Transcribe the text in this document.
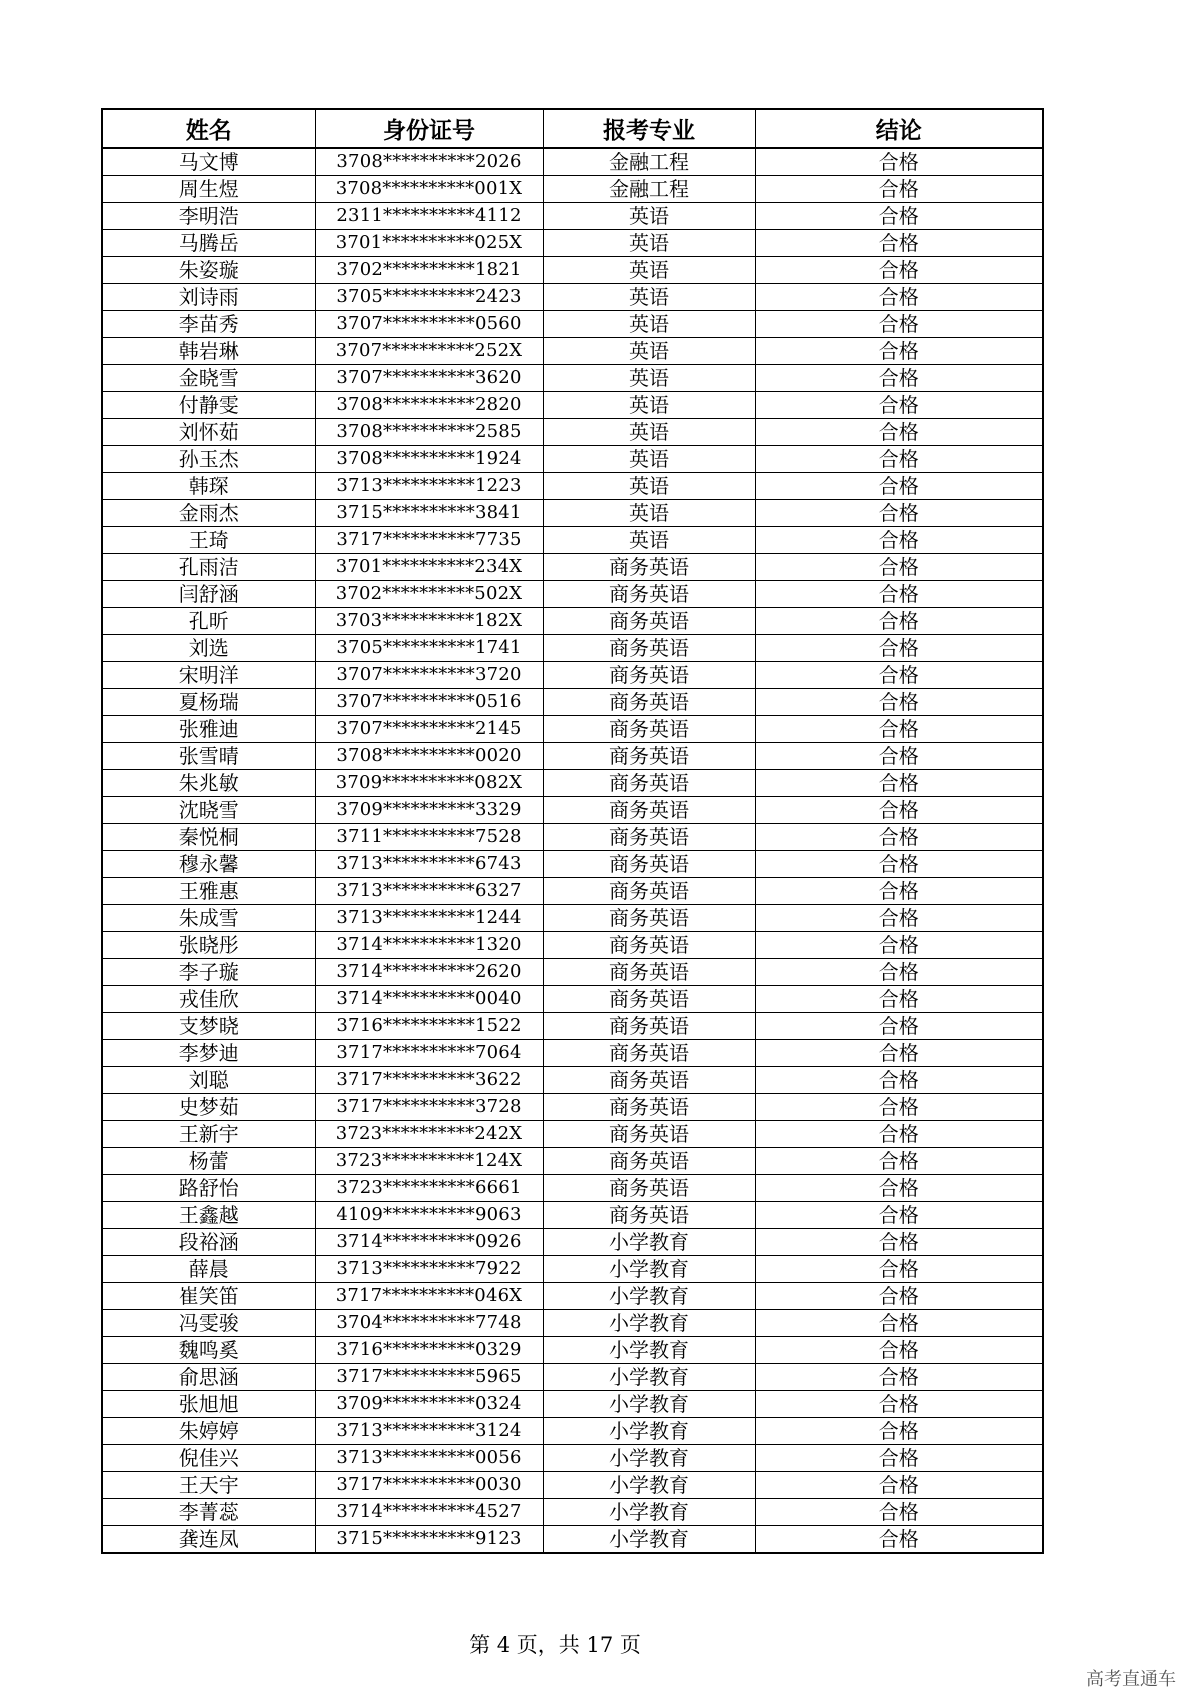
姓名	身份证号	报考专业	结论
马文博	3708**********2026	金融工程	合格
周生煜	3708**********001X	金融工程	合格
李明浩	2311**********4112	英语	合格
马腾岳	3701**********025X	英语	合格
朱姿璇	3702**********1821	英语	合格
刘诗雨	3705**********2423	英语	合格
李苗秀	3707**********0560	英语	合格
韩岩琳	3707**********252X	英语	合格
金晓雪	3707**********3620	英语	合格
付静雯	3708**********2820	英语	合格
刘怀茹	3708**********2585	英语	合格
孙玉杰	3708**********1924	英语	合格
韩琛	3713**********1223	英语	合格
金雨杰	3715**********3841	英语	合格
王琦	3717**********7735	英语	合格
孔雨洁	3701**********234X	商务英语	合格
闫舒涵	3702**********502X	商务英语	合格
孔昕	3703**********182X	商务英语	合格
刘选	3705**********1741	商务英语	合格
宋明洋	3707**********3720	商务英语	合格
夏杨瑞	3707**********0516	商务英语	合格
张雅迪	3707**********2145	商务英语	合格
张雪晴	3708**********0020	商务英语	合格
朱兆敏	3709**********082X	商务英语	合格
沈晓雪	3709**********3329	商务英语	合格
秦悦桐	3711**********7528	商务英语	合格
穆永馨	3713**********6743	商务英语	合格
王雅惠	3713**********6327	商务英语	合格
朱成雪	3713**********1244	商务英语	合格
张晓彤	3714**********1320	商务英语	合格
李子璇	3714**********2620	商务英语	合格
戎佳欣	3714**********0040	商务英语	合格
支梦晓	3716**********1522	商务英语	合格
李梦迪	3717**********7064	商务英语	合格
刘聪	3717**********3622	商务英语	合格
史梦茹	3717**********3728	商务英语	合格
王新宇	3723**********242X	商务英语	合格
杨蕾	3723**********124X	商务英语	合格
路舒怡	3723**********6661	商务英语	合格
王鑫越	4109**********9063	商务英语	合格
段裕涵	3714**********0926	小学教育	合格
薛晨	3713**********7922	小学教育	合格
崔笑笛	3717**********046X	小学教育	合格
冯雯骏	3704**********7748	小学教育	合格
魏鸣奚	3716**********0329	小学教育	合格
俞思涵	3717**********5965	小学教育	合格
张旭旭	3709**********0324	小学教育	合格
朱婷婷	3713**********3124	小学教育	合格
倪佳兴	3713**********0056	小学教育	合格
王天宇	3717**********0030	小学教育	合格
李菁蕊	3714**********4527	小学教育	合格
龚连凤	3715**********9123	小学教育	合格
第 4 页，共 17 页
高考直通车
